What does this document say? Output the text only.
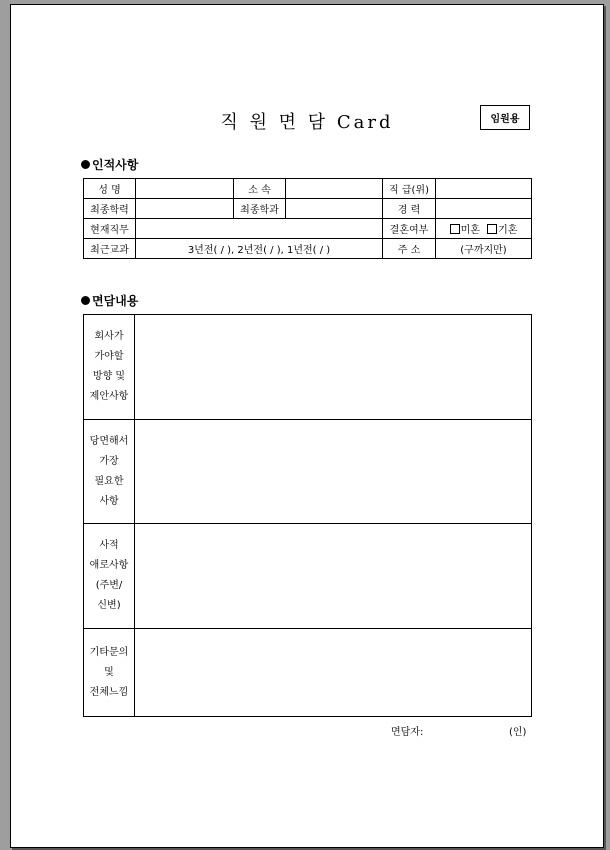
직 원 면 담 Card	임원용
인적사항
성 명		소 속		직 급(위)	
최종학력		최종학과		경 력	
현재직무				결혼여부	미혼 기혼
최근교과	3년전( / ), 2년전( / ), 1년전( / )			주 소	(구까지만)
면담내용
회사가
가야할
방향 및
제안사항	

당면해서
가장
필요한
사항	

사적
애로사항
(주변/
신변)	

기타문의
및
전체느낌	

면담자:	(인)
